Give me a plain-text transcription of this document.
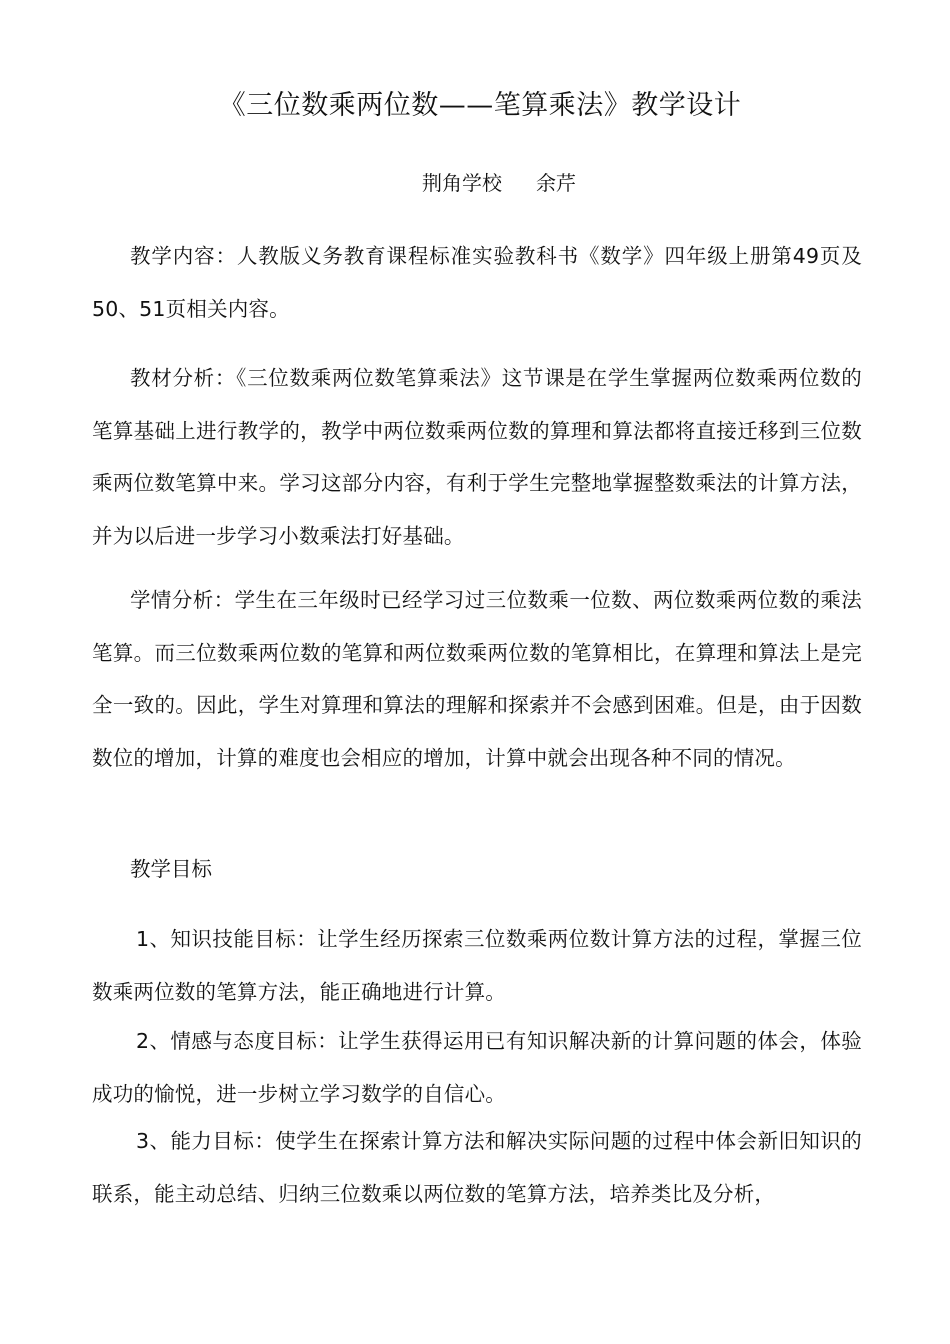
《三位数乘两位数——笔算乘法》教学设计
荆角学校 余芹
教学内容：人教版义务教育课程标准实验教科书《数学》四年级上册第49页及50、51页相关内容。
教材分析：《三位数乘两位数笔算乘法》这节课是在学生掌握两位数乘两位数的笔算基础上进行教学的，教学中两位数乘两位数的算理和算法都将直接迁移到三位数乘两位数笔算中来。学习这部分内容，有利于学生完整地掌握整数乘法的计算方法，并为以后进一步学习小数乘法打好基础。
学情分析：学生在三年级时已经学习过三位数乘一位数、两位数乘两位数的乘法笔算。而三位数乘两位数的笔算和两位数乘两位数的笔算相比，在算理和算法上是完全一致的。因此，学生对算理和算法的理解和探索并不会感到困难。但是，由于因数数位的增加，计算的难度也会相应的增加，计算中就会出现各种不同的情况。
教学目标
1、知识技能目标：让学生经历探索三位数乘两位数计算方法的过程，掌握三位数乘两位数的笔算方法，能正确地进行计算。
2、情感与态度目标：让学生获得运用已有知识解决新的计算问题的体会，体验成功的愉悦，进一步树立学习数学的自信心。
3、能力目标：使学生在探索计算方法和解决实际问题的过程中体会新旧知识的联系，能主动总结、归纳三位数乘以两位数的笔算方法，培养类比及分析，
